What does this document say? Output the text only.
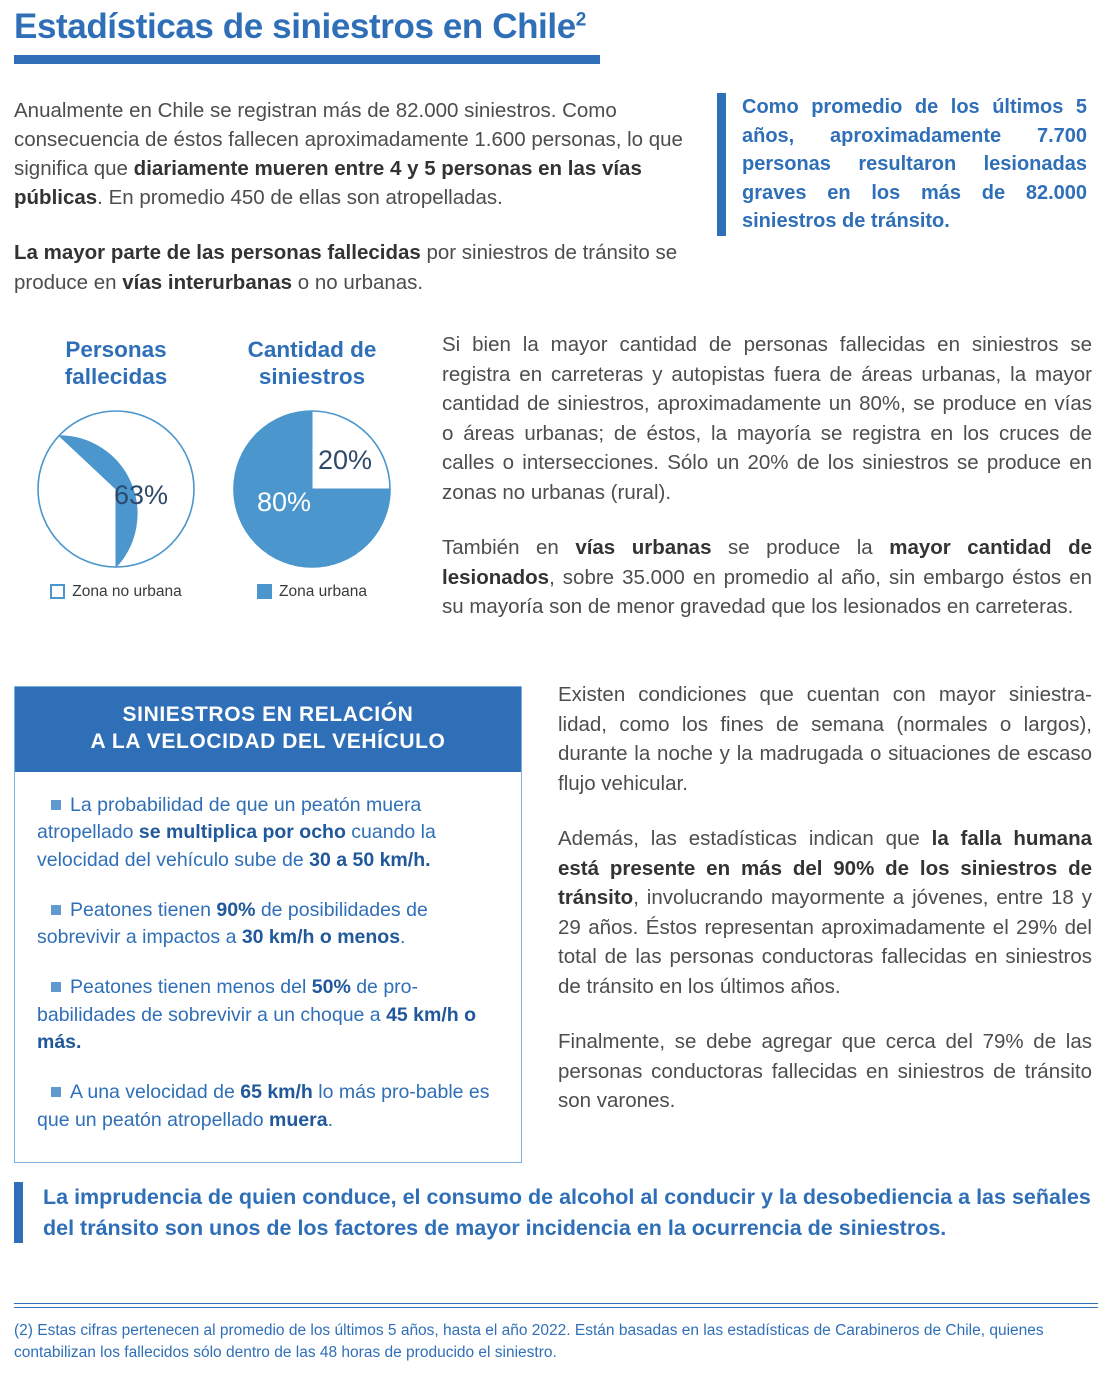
Estadísticas de siniestros en Chile$^2$

Anualmente en Chile se registran más de 82.000 siniestros. Como consecuencia de éstos fallecen aproximadamente 1.600 personas, lo que significa que diariamente mueren entre 4 y 5 personas en las vías públicas. En promedio 450 de ellas son atropelladas.

La mayor parte de las personas fallecidas por siniestros de tránsito se produce en vías interurbanas o no urbanas.

Como promedio de los últimos 5 años, aproximadamente 7.700 personas resultaron lesionadas graves en los más de 82.000 siniestros de tránsito.
Personas
fallecidas
Cantidad de
siniestros
63%
37%
20%
80%
Zona no urbana	Zona urbana

Si bien la mayor cantidad de personas fallecidas en siniestros se registra en carreteras y autopistas fuera de áreas urbanas, la mayor cantidad de siniestros, aproximadamente un 80%, se produce en vías o áreas urbanas; de éstos, la mayoría se registra en los cruces de calles o intersecciones. Sólo un 20% de los siniestros se produce en zonas no urbanas (rural).

También en vías urbanas se produce la mayor cantidad de lesionados, sobre 35.000 en promedio al año, sin embargo éstos en su mayoría son de menor gravedad que los lesionados en carreteras.

SINIESTROS EN RELACIÓN
A LA VELOCIDAD DEL VEHÍCULO

La probabilidad de que un peatón muera atropellado se multiplica por ocho cuando la velocidad del vehículo sube de 30 a 50 km/h.

Peatones tienen 90% de posibilidades de sobrevivir a impactos a 30 km/h o menos.

Peatones tienen menos del 50% de pro-babilidades de sobrevivir a un choque a 45 km/h o más.

A una velocidad de 65 km/h lo más pro-bable es que un peatón atropellado muera.

Existen condiciones que cuentan con mayor siniestra-lidad, como los fines de semana (normales o largos), durante la noche y la madrugada o situaciones de escaso flujo vehicular.

Además, las estadísticas indican que la falla humana está presente en más del 90% de los siniestros de tránsito, involucrando mayormente a jóvenes, entre 18 y 29 años. Éstos representan aproximadamente el 29% del total de las personas conductoras fallecidas en siniestros de tránsito en los últimos años.

Finalmente, se debe agregar que cerca del 79% de las personas conductoras fallecidas en siniestros de tránsito son varones.

La imprudencia de quien conduce, el consumo de alcohol al conducir y la desobediencia a las señales del tránsito son unos de los factores de mayor incidencia en la ocurrencia de siniestros.
(2) Estas cifras pertenecen al promedio de los últimos 5 años, hasta el año 2022. Están basadas en las estadísticas de Carabineros de Chile, quienes contabilizan los fallecidos sólo dentro de las 48 horas de producido el siniestro.
